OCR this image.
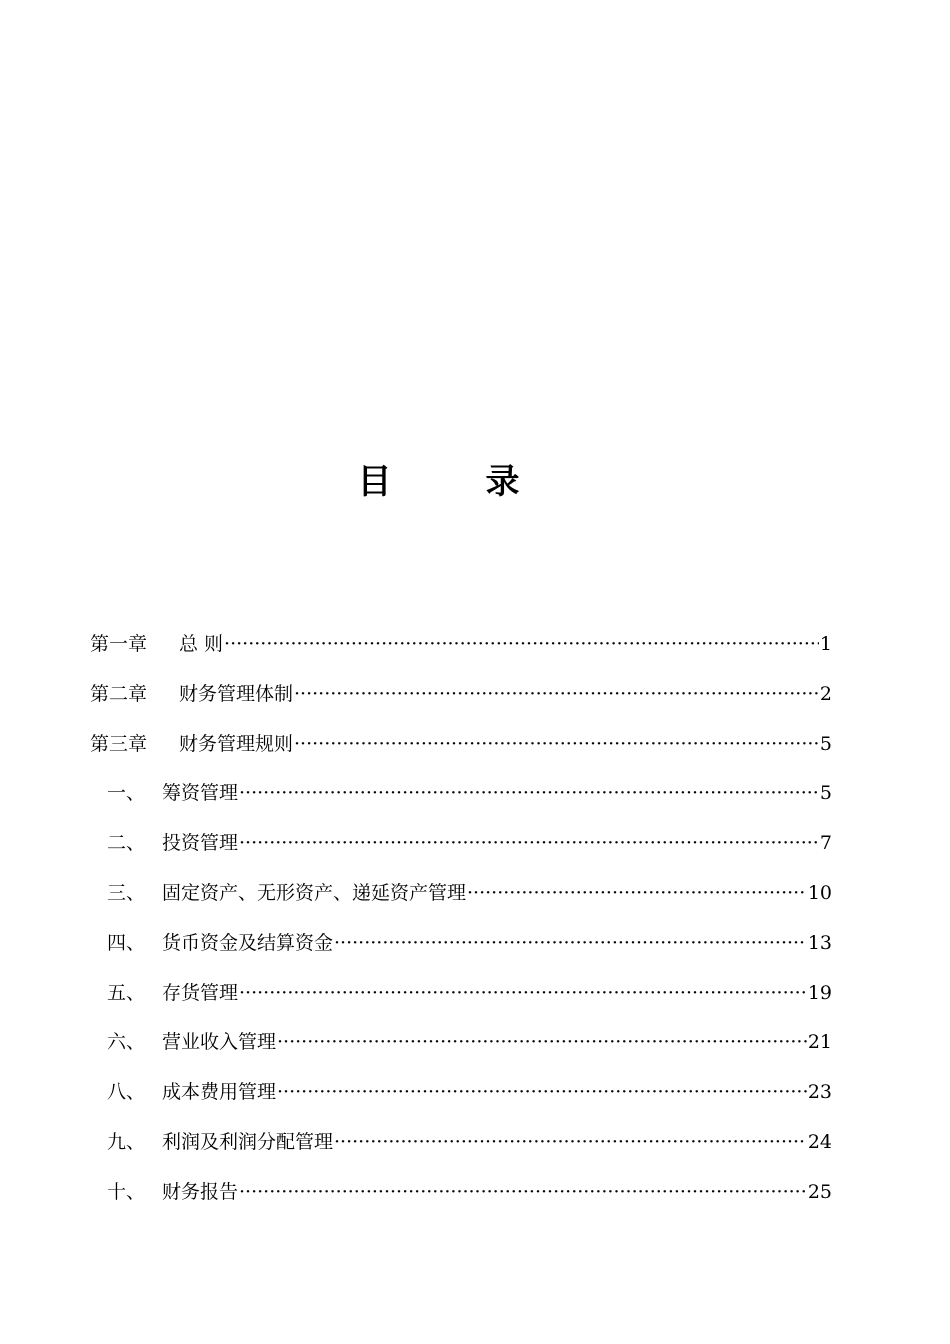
目　录
第一章	总 则 ·····	1
第二章	财务管理体制 ·····	2
第三章	财务管理规则 ·····	5
一、 筹资管理 ·····	5
二、 投资管理 ·····	7
三、 固定资产、无形资产、递延资产管理 ·····	10
四、 货币资金及结算资金 ·····	13
五、 存货管理 ·····	19
六、 营业收入管理 ·····	21
八、 成本费用管理 ·····	23
九、 利润及利润分配管理 ·····	24
十、 财务报告 ·····	25
